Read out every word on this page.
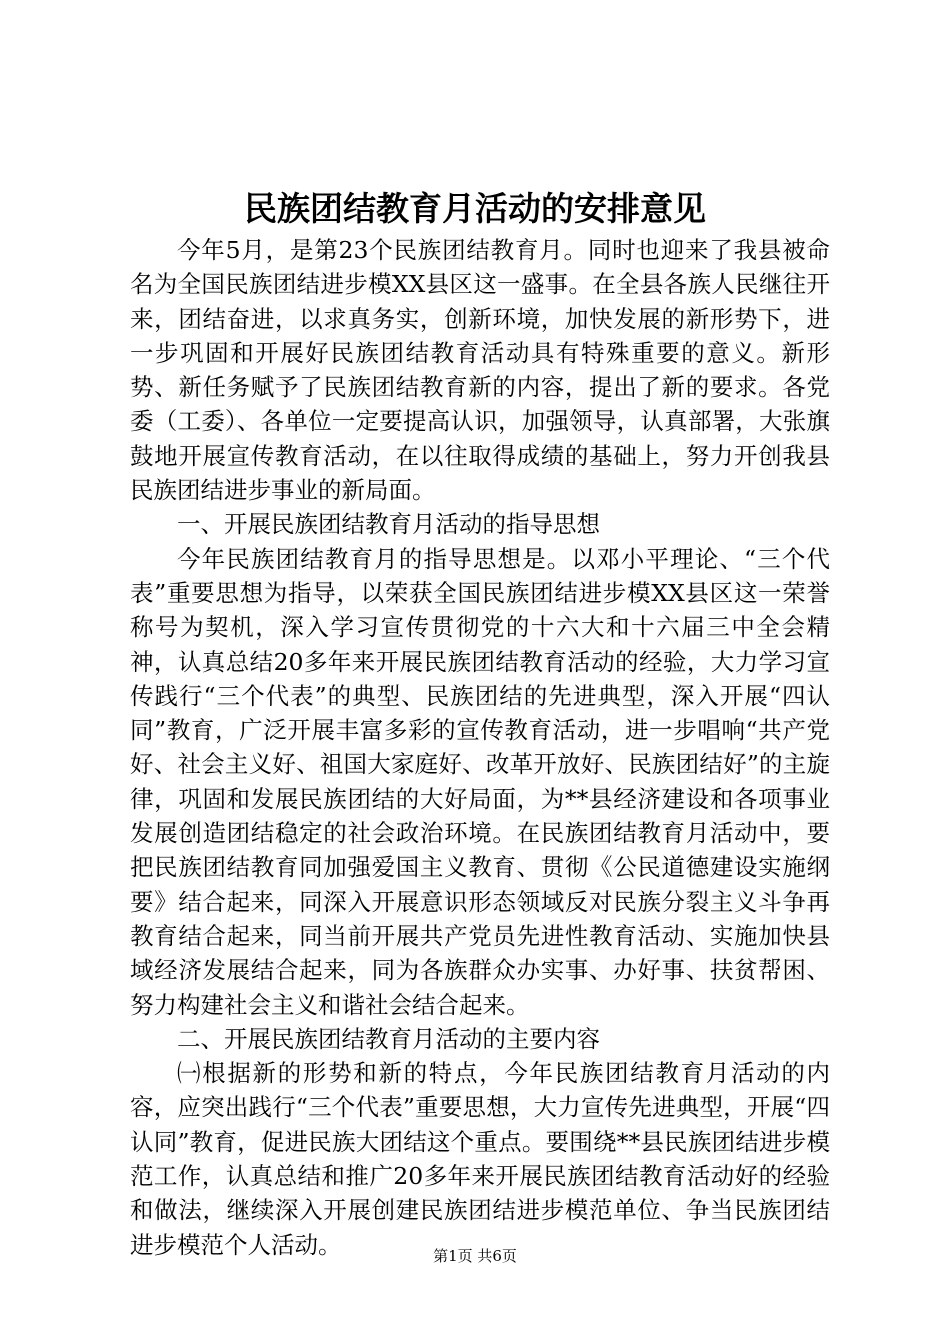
民族团结教育月活动的安排意见

今年5月，是第23个民族团结教育月。同时也迎来了我县被命名为全国民族团结进步模XX县区这一盛事。在全县各族人民继往开来，团结奋进，以求真务实，创新环境，加快发展的新形势下，进一步巩固和开展好民族团结教育活动具有特殊重要的意义。新形势、新任务赋予了民族团结教育新的内容，提出了新的要求。各党委（工委）、各单位一定要提高认识，加强领导，认真部署，大张旗鼓地开展宣传教育活动，在以往取得成绩的基础上，努力开创我县民族团结进步事业的新局面。

一、开展民族团结教育月活动的指导思想

今年民族团结教育月的指导思想是。以邓小平理论、“三个代表”重要思想为指导，以荣获全国民族团结进步模XX县区这一荣誉称号为契机，深入学习宣传贯彻党的十六大和十六届三中全会精神，认真总结20多年来开展民族团结教育活动的经验，大力学习宣传践行“三个代表”的典型、民族团结的先进典型，深入开展“四认同”教育，广泛开展丰富多彩的宣传教育活动，进一步唱响“共产党好、社会主义好、祖国大家庭好、改革开放好、民族团结好”的主旋律，巩固和发展民族团结的大好局面，为**县经济建设和各项事业发展创造团结稳定的社会政治环境。在民族团结教育月活动中，要把民族团结教育同加强爱国主义教育、贯彻《公民道德建设实施纲要》结合起来，同深入开展意识形态领域反对民族分裂主义斗争再教育结合起来，同当前开展共产党员先进性教育活动、实施加快县域经济发展结合起来，同为各族群众办实事、办好事、扶贫帮困、努力构建社会主义和谐社会结合起来。

二、开展民族团结教育月活动的主要内容

㈠根据新的形势和新的特点，今年民族团结教育月活动的内容，应突出践行“三个代表”重要思想，大力宣传先进典型，开展“四认同”教育，促进民族大团结这个重点。要围绕**县民族团结进步模范工作，认真总结和推广20多年来开展民族团结教育活动好的经验和做法，继续深入开展创建民族团结进步模范单位、争当民族团结进步模范个人活动。	第1页 共6页
